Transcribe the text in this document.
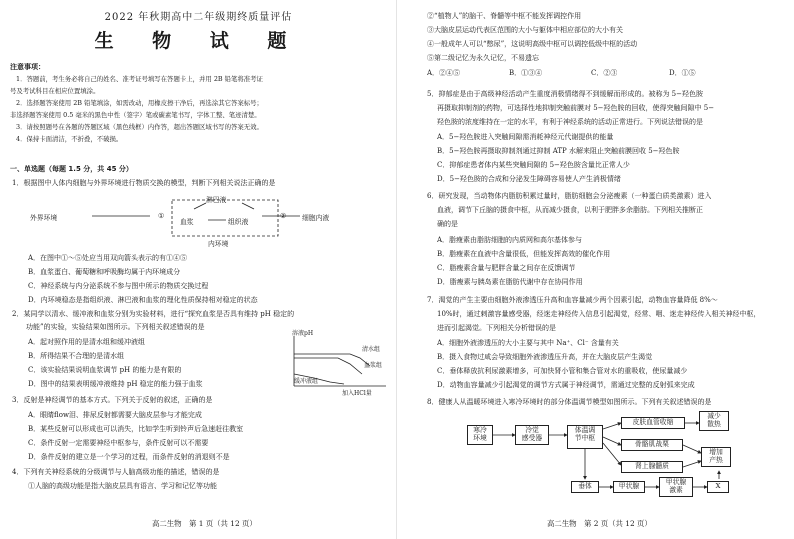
2022 年秋期高中二年级期终质量评估
生 物 试 题
注意事项：
1．答题前，考生务必将自己的姓名、准考证号填写在答题卡上，并用 2B 铅笔将准考证
号及考试科目在相应位置填涂。
2．选择题答案使用 2B 铅笔填涂，如需改动，用橡皮擦干净后，再选涂其它答案标号；
非选择题答案使用 0.5 毫米的黑色中性（签字）笔或碳素笔书写，字体工整、笔迹清楚。
3．请按照题号在各题的答题区域（黑色线框）内作答，超出答题区域书写的答案无效。
4．保持卡面清洁，不折叠，不破损。
一、单选题（每题 1.5 分，共 45 分）
1．根据图中人体内细胞与外界环境进行物质交换的模型，判断下列相关说法正确的是
外界环境	①
淋巴液
血浆	组织液
② 细胞内液
内环境
A．在图中①～⑤处应当用双向箭头表示的有①④⑤
B．血浆蛋白、葡萄糖和呼吸酶均属于内环境成分
C．神经系统与内分泌系统不参与图中所示的物质交换过程
D．内环境稳态是指组织液、淋巴液和血浆的理化性质保持相对稳定的状态
2．某同学以清水、缓冲液和血浆分别为实验材料，进行“探究血浆是否具有维持 pH 稳定的
功能”的实验，实验结果如图所示。下列相关叙述错误的是
A．起对照作用的是清水组和缓冲液组
B．所得结果不合理的是清水组
C．该实验结果说明血浆调节 pH 的能力是有限的
D．图中的结果表明缓冲液维持 pH 稳定的能力强于血浆
溶液pH
清水组
血浆组
缓冲液组
加入HCl量
3．反射是神经调节的基本方式。下列关于反射的叙述，正确的是
A．眼睛flow泪、排尿反射都需要大脑皮层参与才能完成
B．某些反射可以形成也可以消失，比如学生听到铃声后急速赶往教室
C．条件反射一定需要神经中枢参与，条件反射可以不需要
D．条件反射的建立是一个学习的过程，而条件反射的消退则不是
4．下列有关神经系统的分级调节与人脑高级功能的描述，错误的是
①人脑的高级功能是指大脑皮层具有语言、学习和记忆等功能
高二生物　第 1 页（共 12 页）
②“植物人”的脑干、脊髓等中枢不能发挥调控作用
③大脑皮层运动代表区范围的大小与躯体中相应部位的大小有关
④一般成年人可以“憋尿”，这说明高级中枢可以调控低级中枢的活动
⑤第二级记忆为永久记忆，不易遗忘
A．②④⑤	B．①③④	C．②③	D．①⑤
5．抑郁症是由于高级神经活动产生重度消极情绪得不到缓解而形成的。被称为 5−羟色胺
再摄取抑制剂的药物，可选择性地抑制突触前膜对 5−羟色胺的回收，使得突触间隙中 5−
羟色胺的浓度维持在一定的水平，有利于神经系统的活动正常进行。下列说法错误的是
A．5−羟色胺进入突触间隙需消耗神经元代谢提供的能量
B．5−羟色胺再摄取抑制剂通过抑制 ATP 水解来阻止突触前膜回收 5−羟色胺
C．抑郁症患者体内某些突触间隙的 5−羟色胺含量比正常人少
D．5−羟色胺的合成和分泌发生障碍容易使人产生消极情绪
6．研究发现，当动物体内脂肪积累过量时，脂肪细胞会分泌瘦素（一种蛋白质类激素）进入
血液，调节下丘脑的摄食中枢，从而减少摄食，以利于肥胖多余脂肪。下列相关推断正
确的是
A．脂瘦素由脂肪细胞的内质网和高尔基体参与
B．脂瘦素在血液中含量很低，但能发挥高效的催化作用
C．脂瘦素含量与肥胖含量之间存在反馈调节
D．脂瘦素与胰岛素在脂肪代谢中存在协同作用
7．渴觉的产生主要由细胞外液渗透压升高和血容量减少两个因素引起，动物血容量降低 8%～
10%时，通过刺激容量感受器，经迷走神经传入信息引起渴觉，经常、咽、迷走神经传入相关神经中枢，
进而引起渴觉。下列相关分析错误的是
A．细胞外液渗透压的大小主要与其中 Na⁺、Cl⁻ 含量有关
B．摄入食物过咸会导致细胞外液渗透压升高，并在大脑皮层产生渴觉
C．垂体释放抗利尿激素增多，可加快肾小管和集合管对水的重吸收，使尿量减少
D．动物血容量减少引起渴觉的调节方式属于神经调节，需通过完整的反射弧来完成
8．健康人从温暖环境进入寒冷环境时的部分体温调节模型如图所示。下列有关叙述错误的是
寒冷
环境
冷觉
感受器
体温调
节中枢
皮肤血管收缩
减少
散热
骨骼肌战栗
增加
产热
肾上腺髓质
垂体	甲状腺	甲状腺
激素	X
高二生物　第 2 页（共 12 页）
